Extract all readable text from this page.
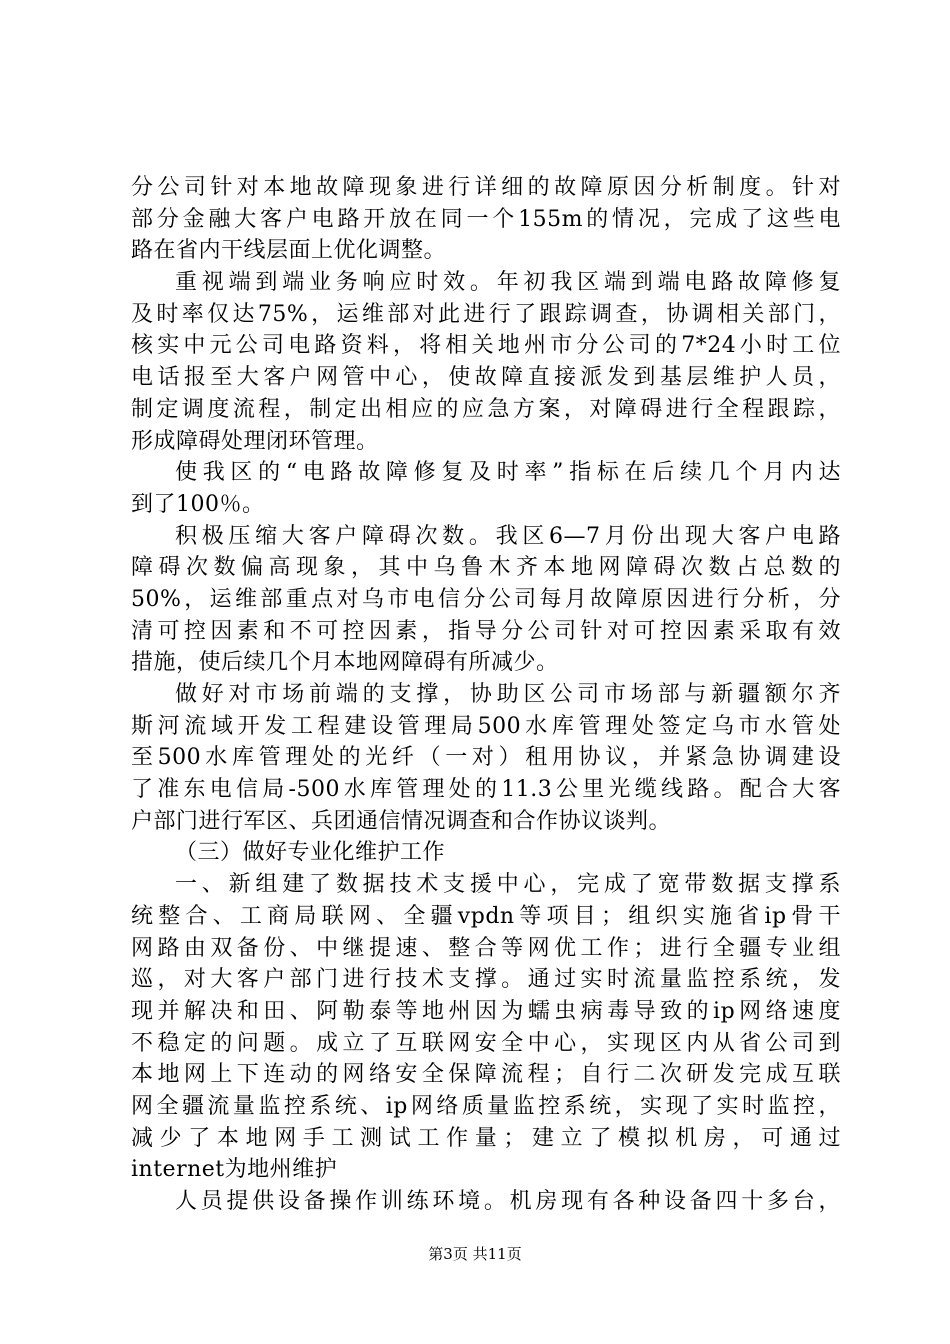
分公司针对本地故障现象进行详细的故障原因分析制度。针对
部分金融大客户电路开放在同一个155m的情况，完成了这些电
路在省内干线层面上优化调整。
重视端到端业务响应时效。年初我区端到端电路故障修复
及时率仅达75%，运维部对此进行了跟踪调查，协调相关部门，
核实中元公司电路资料，将相关地州市分公司的7*24小时工位
电话报至大客户网管中心，使故障直接派发到基层维护人员，
制定调度流程，制定出相应的应急方案，对障碍进行全程跟踪，
形成障碍处理闭环管理。
使我区的“电路故障修复及时率”指标在后续几个月内达
到了100％。
积极压缩大客户障碍次数。我区6—7月份出现大客户电路
障碍次数偏高现象，其中乌鲁木齐本地网障碍次数占总数的
50%，运维部重点对乌市电信分公司每月故障原因进行分析，分
清可控因素和不可控因素，指导分公司针对可控因素采取有效
措施，使后续几个月本地网障碍有所减少。
做好对市场前端的支撑，协助区公司市场部与新疆额尔齐
斯河流域开发工程建设管理局500水库管理处签定乌市水管处
至500水库管理处的光纤（一对）租用协议，并紧急协调建设
了准东电信局-500水库管理处的11.3公里光缆线路。配合大客
户部门进行军区、兵团通信情况调查和合作协议谈判。
（三）做好专业化维护工作
一、新组建了数据技术支援中心，完成了宽带数据支撑系
统整合、工商局联网、全疆vpdn等项目；组织实施省ip骨干
网路由双备份、中继提速、整合等网优工作；进行全疆专业组
巡，对大客户部门进行技术支撑。通过实时流量监控系统，发
现并解决和田、阿勒泰等地州因为蠕虫病毒导致的ip网络速度
不稳定的问题。成立了互联网安全中心，实现区内从省公司到
本地网上下连动的网络安全保障流程；自行二次研发完成互联
网全疆流量监控系统、ip网络质量监控系统，实现了实时监控，
减少了本地网手工测试工作量；建立了模拟机房，可通过
internet为地州维护
人员提供设备操作训练环境。机房现有各种设备四十多台，
第3页 共11页
